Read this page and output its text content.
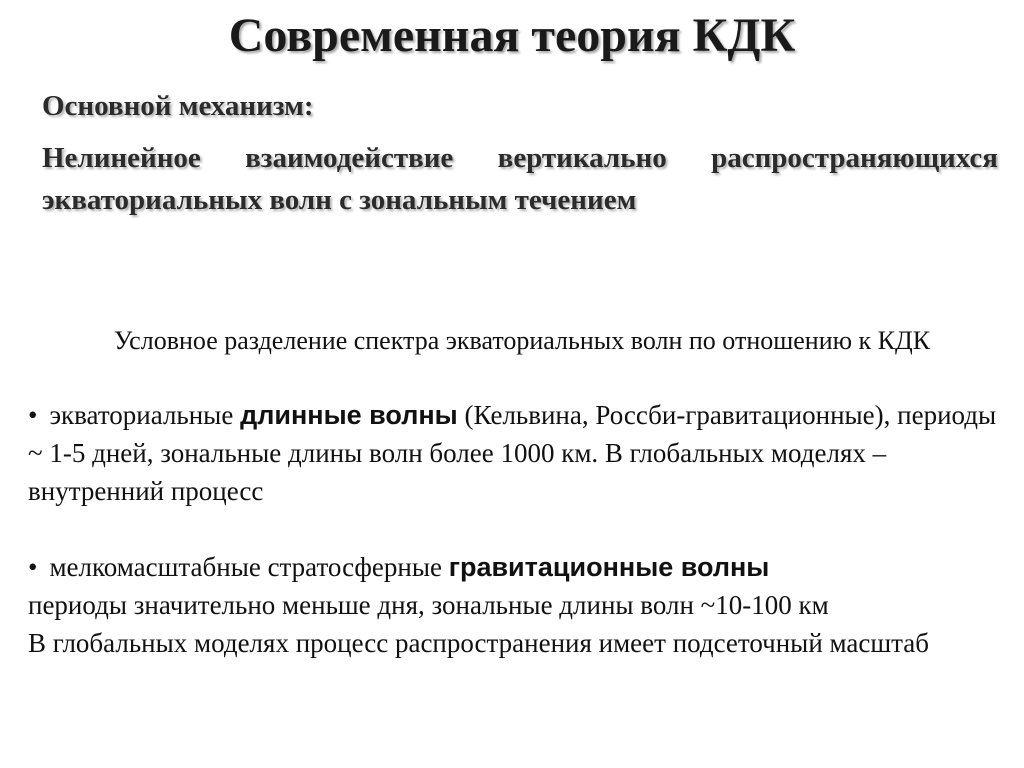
Современная теория КДК
Основной механизм:
Нелинейное взаимодействие вертикально распространяющихся экваториальных волн с зональным течением
Условное разделение спектра экваториальных волн по отношению к КДК
• экваториальные длинные волны (Кельвина, Россби-гравитационные), периоды ~ 1-5 дней, зональные длины волн более 1000 км. В глобальных моделях – внутренний процесс
• мелкомасштабные стратосферные гравитационные волны
периоды значительно меньше дня, зональные длины волн ~10-100 км
В глобальных моделях процесс распространения имеет подсеточный масштаб
